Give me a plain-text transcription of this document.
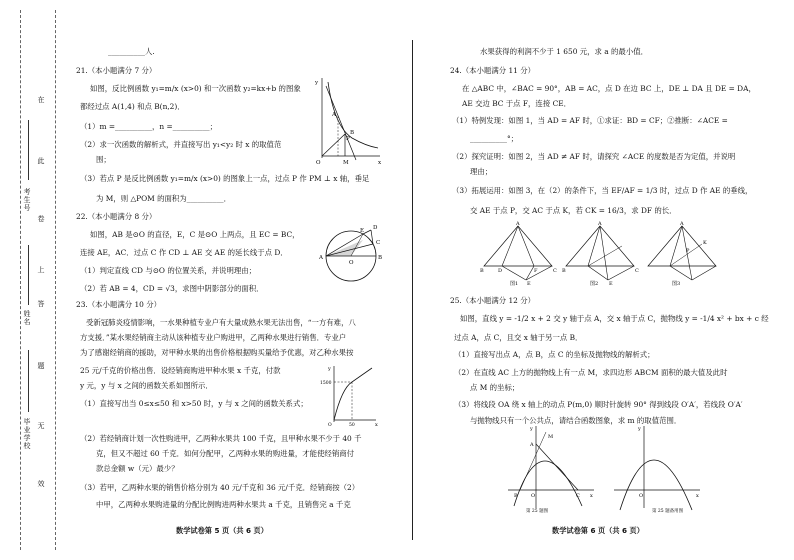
考生号
姓名
毕业学校
在
此
卷
上
答
题
无
效
__________人.
21.（本小题满分 7 分）
如图，反比例函数 y₁=m/x (x>0) 和一次函数 y₂=kx+b 的图象
都经过点 A(1,4) 和点 B(n,2)．
（1）m =__________，n =__________；
（2）求一次函数的解析式，并直接写出 y₁<y₂ 时 x 的取值范
围；
（3）若点 P 是反比例函数 y₁=m/x (x>0) 的图象上一点，过点 P 作 PM ⊥ x 轴，垂足
为 M，则 △POM 的面积为__________．
y
A
B
O	M	x
P
22.（本小题满分 8 分）
如图，AB 是⊙O 的直径，E，C 是⊙O 上两点，且 EC = BC，
连接 AE，AC．过点 C 作 CD ⊥ AE 交 AE 的延长线于点 D．
（1）判定直线 CD 与⊙O 的位置关系，并说明理由；
（2）若 AB = 4，CD = √3，求图中阴影部分的面积．
A	B
O
E D
C
23.（本小题满分 10 分）
受新冠肺炎疫情影响，一水果种植专业户有大量成熟水果无法出售，“一方有难，八
方支援．”某水果经销商主动从该种植专业户购进甲，乙两种水果进行销售．专业户
为了感谢经销商的援助，对甲种水果的出售价格根据购买量给予优惠，对乙种水果按
25 元/千克的价格出售．设经销商购进甲种水果 x 千克，付款
y 元，y 与 x 之间的函数关系如图所示．
（1）直接写出当 0≤x≤50 和 x>50 时，y 与 x 之间的函数关系式；
（2）若经销商计划一次性购进甲，乙两种水果共 100 千克，且甲种水果不少于 40 千
克，但又不超过 60 千克．如何分配甲，乙两种水果的购进量，才能使经销商付
款总金额 w（元）最少？
（3）若甲，乙两种水果的销售价格分别为 40 元/千克和 36 元/千克．经销商按（2）
中甲，乙两种水果购进量的分配比例购进两种水果共 a 千克，且销售完 a 千克
y
1500
50
O	x
数学试卷第 5 页（共 6 页）
水果获得的利润不少于 1 650 元，求 a 的最小值．
24.（本小题满分 11 分）
在 △ABC 中，∠BAC = 90°，AB = AC，点 D 在边 BC 上，DE ⊥ DA 且 DE = DA，
AE 交边 BC 于点 F，连接 CE．
（1）特例发现：如图 1，当 AD = AF 时，①求证：BD = CF；②推断：∠ACE =
__________°；
（2）探究证明：如图 2，当 AD ≠ AF 时，请探究 ∠ACE 的度数是否为定值，并说明
理由；
（3）拓展运用：如图 3，在（2）的条件下，当 EF/AF = 1/3 时，过点 D 作 AE 的垂线，
交 AE 于点 P，交 AC 于点 K，若 CK = 16/3，求 DF 的长．
A
B	D	F	C
E
图1
A
B	C
E
图2
A
P
K
图3
25.（本小题满分 12 分）
如图，直线 y = -1/2 x + 2 交 y 轴于点 A，交 x 轴于点 C，抛物线 y = -1/4 x² + bx + c 经
过点 A，点 C，且交 x 轴于另一点 B．
（1）直接写出点 A，点 B，点 C 的坐标及抛物线的解析式；
（2）在直线 AC 上方的抛物线上有一点 M，求四边形 ABCM 面积的最大值及此时
点 M 的坐标；
（3）将线段 OA 绕 x 轴上的动点 P(m,0) 顺时针旋转 90° 得到线段 O′A′，若线段 O′A′
与抛物线只有一个公共点，请结合函数图象，求 m 的取值范围．
y
A
M
O
B	C x
第 25 题图
y
O	x
第 25 题备用图
数学试卷第 6 页（共 6 页）
